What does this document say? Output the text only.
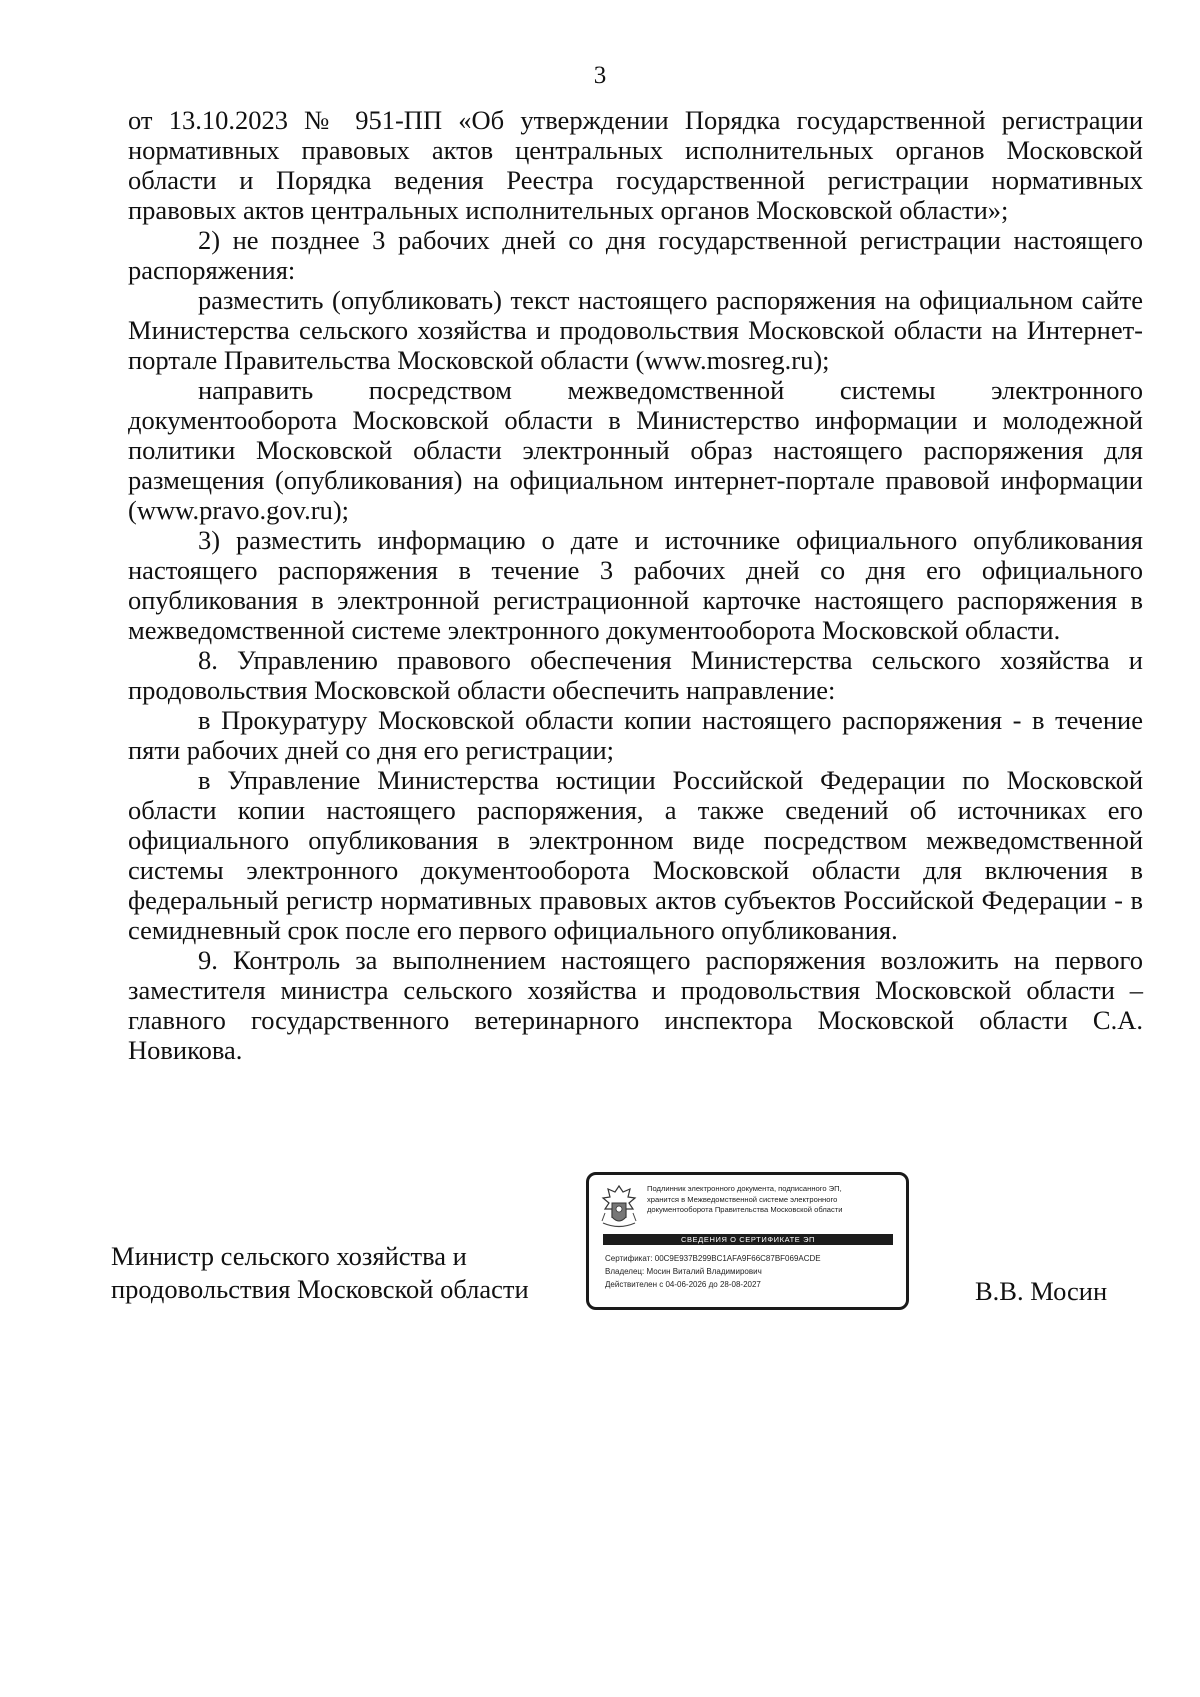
3

от 13.10.2023 № 951-ПП «Об утверждении Порядка государственной регистрации нормативных правовых актов центральных исполнительных органов Московской области и Порядка ведения Реестра государственной регистрации нормативных правовых актов центральных исполнительных органов Московской области»;

2) не позднее 3 рабочих дней со дня государственной регистрации настоящего распоряжения:

разместить (опубликовать) текст настоящего распоряжения на официальном сайте Министерства сельского хозяйства и продовольствия Московской области на Интернет-портале Правительства Московской области (www.mosreg.ru);

направить посредством межведомственной системы электронного документооборота Московской области в Министерство информации и молодежной политики Московской области электронный образ настоящего распоряжения для размещения (опубликования) на официальном интернет-портале правовой информации (www.pravo.gov.ru);

3) разместить информацию о дате и источнике официального опубликования настоящего распоряжения в течение 3 рабочих дней со дня его официального опубликования в электронной регистрационной карточке настоящего распоряжения в межведомственной системе электронного документооборота Московской области.

8. Управлению правового обеспечения Министерства сельского хозяйства и продовольствия Московской области обеспечить направление:

в Прокуратуру Московской области копии настоящего распоряжения - в течение пяти рабочих дней со дня его регистрации;

в Управление Министерства юстиции Российской Федерации по Московской области копии настоящего распоряжения, а также сведений об источниках его официального опубликования в электронном виде посредством межведомственной системы электронного документооборота Московской области для включения в федеральный регистр нормативных правовых актов субъектов Российской Федерации - в семидневный срок после его первого официального опубликования.

9. Контроль за выполнением настоящего распоряжения возложить на первого заместителя министра сельского хозяйства и продовольствия Московской области – главного государственного ветеринарного инспектора Московской области С.А. Новикова.

Министр сельского хозяйства и
продовольствия Московской области
Подлинник электронного документа, подписанного ЭП,
хранится в Межведомственной системе электронного
документооборота Правительства Московской области
СВЕДЕНИЯ О СЕРТИФИКАТЕ ЭП
Сертификат: 00C9E937B299BC1AFA9F66C87BF069ACDE
Владелец: Мосин Виталий Владимирович
Действителен с 04-06-2026 до 28-08-2027	В.В. Мосин
